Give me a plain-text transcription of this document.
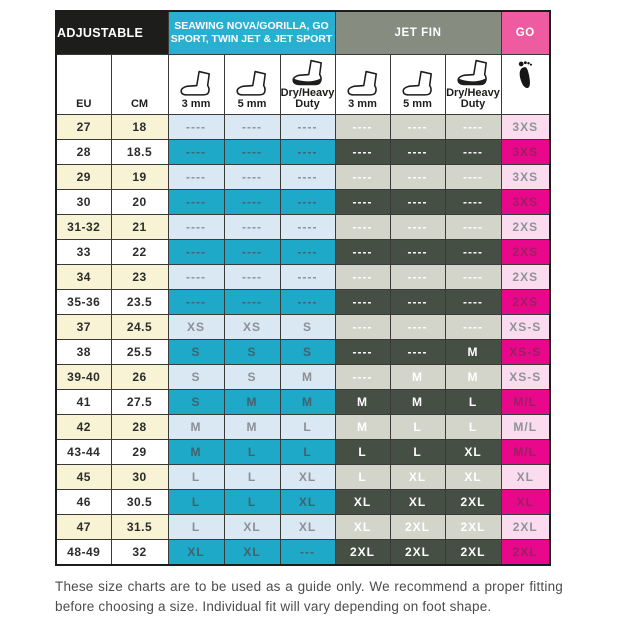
ADJUSTABLE		SEAWING NOVA/GORILLA, GO SPORT, TWIN JET & JET SPORT			JET FIN			GO

EU	CM	3 mm	5 mm	Dry/Heavy Duty	3 mm	5 mm	Dry/Heavy Duty

27	18	----	----	----	----	----	----	3XS
28	18.5	----	----	----	----	----	----	3XS
29	19	----	----	----	----	----	----	3XS
30	20	----	----	----	----	----	----	3XS
31-32	21	----	----	----	----	----	----	2XS
33	22	----	----	----	----	----	----	2XS
34	23	----	----	----	----	----	----	2XS
35-36	23.5	----	----	----	----	----	----	2XS
37	24.5	XS	XS	S	----	----	----	XS-S
38	25.5	S	S	S	----	----	M	XS-S
39-40	26	S	S	M	----	M	M	XS-S
41	27.5	S	M	M	M	M	L	M/L
42	28	M	M	L	M	L	L	M/L
43-44	29	M	L	L	L	L	XL	M/L
45	30	L	L	XL	L	XL	XL	XL
46	30.5	L	L	XL	XL	XL	2XL	XL
47	31.5	L	XL	XL	XL	2XL	2XL	2XL
48-49	32	XL	XL	---	2XL	2XL	2XL	2XL

These size charts are to be used as a guide only. We recommend a proper fitting before choosing a size. Individual fit will vary depending on foot shape.
